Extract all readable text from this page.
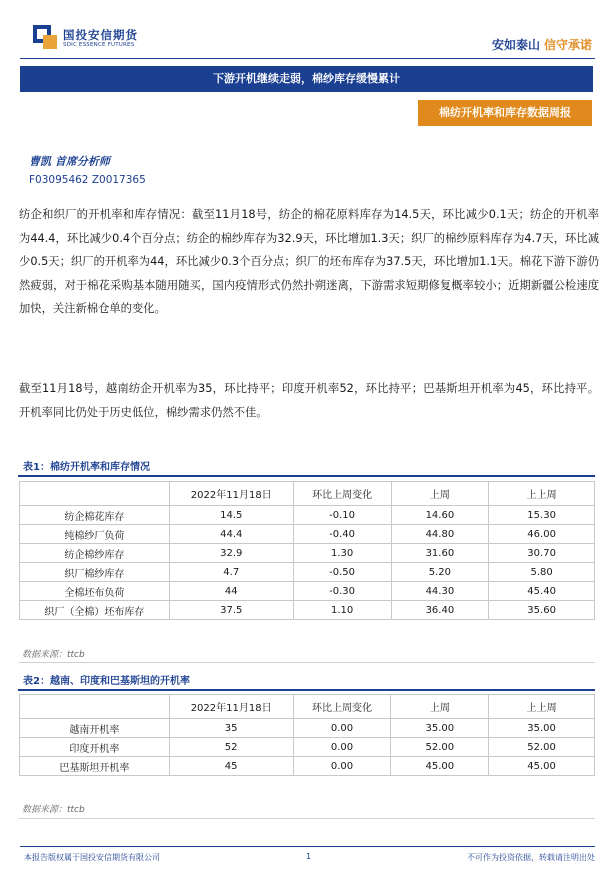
国投安信期货
SDIC ESSENCE FUTURES	安如泰山 信守承诺
下游开机继续走弱，棉纱库存缓慢累计
棉纺开机率和库存数据周报
曹凯 首席分析师
F03095462 Z0017365
纺企和织厂的开机率和库存情况：截至11月18号，纺企的棉花原料库存为14.5天，环比减少0.1天；纺企的开机率为44.4，环比减少0.4个百分点；纺企的棉纱库存为32.9天，环比增加1.3天；织厂的棉纱原料库存为4.7天，环比减少0.5天；织厂的开机率为44，环比减少0.3个百分点；织厂的坯布库存为37.5天，环比增加1.1天。棉花下游下游仍然疲弱，对于棉花采购基本随用随买，国内疫情形式仍然扑朔迷离，下游需求短期修复概率较小；近期新疆公检速度加快，关注新棉仓单的变化。
截至11月18号，越南纺企开机率为35，环比持平；印度开机率52，环比持平；巴基斯坦开机率为45，环比持平。开机率同比仍处于历史低位，棉纱需求仍然不佳。
表1：棉纺开机率和库存情况
	2022年11月18日	环比上周变化	上周	上上周
纺企棉花库存	14.5	-0.10	14.60	15.30
纯棉纱厂负荷	44.4	-0.40	44.80	46.00
纺企棉纱库存	32.9	1.30	31.60	30.70
织厂棉纱库存	4.7	-0.50	5.20	5.80
全棉坯布负荷	44	-0.30	44.30	45.40
织厂（全棉）坯布库存	37.5	1.10	36.40	35.60
数据来源：ttcb
表2：越南、印度和巴基斯坦的开机率
	2022年11月18日	环比上周变化	上周	上上周
越南开机率	35	0.00	35.00	35.00
印度开机率	52	0.00	52.00	52.00
巴基斯坦开机率	45	0.00	45.00	45.00
数据来源：ttcb
本报告版权属于国投安信期货有限公司	1	不可作为投资依据，转载请注明出处
